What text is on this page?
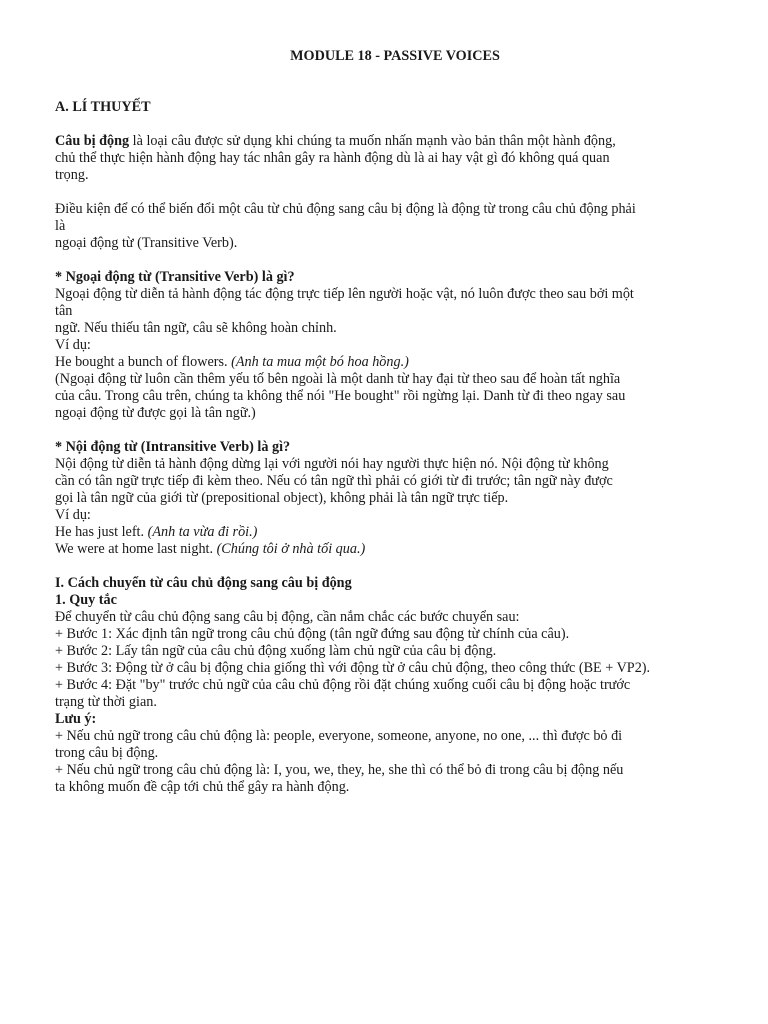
MODULE 18 - PASSIVE VOICES
A. LÍ THUYẾT
Câu bị động là loại câu được sử dụng khi chúng ta muốn nhấn mạnh vào bản thân một hành động,
chủ thể thực hiện hành động hay tác nhân gây ra hành động dù là ai hay vật gì đó không quá quan
trọng.
Điều kiện để có thể biến đổi một câu từ chủ động sang câu bị động là động từ trong câu chủ động phải
là
ngoại động từ (Transitive Verb).
* Ngoại động từ (Transitive Verb) là gì?
Ngoại động từ diễn tả hành động tác động trực tiếp lên người hoặc vật, nó luôn được theo sau bởi một
tân
ngữ. Nếu thiếu tân ngữ, câu sẽ không hoàn chỉnh.
Ví dụ:
He bought a bunch of flowers. (Anh ta mua một bó hoa hồng.)
(Ngoại động từ luôn cần thêm yếu tố bên ngoài là một danh từ hay đại từ theo sau để hoàn tất nghĩa
của câu. Trong câu trên, chúng ta không thể nói "He bought" rồi ngừng lại. Danh từ đi theo ngay sau
ngoại động từ được gọi là tân ngữ.)
* Nội động từ (Intransitive Verb) là gì?
Nội động từ diễn tả hành động dừng lại với người nói hay người thực hiện nó. Nội động từ không
cần có tân ngữ trực tiếp đi kèm theo. Nếu có tân ngữ thì phải có giới từ đi trước; tân ngữ này được
gọi là tân ngữ của giới từ (prepositional object), không phải là tân ngữ trực tiếp.
Ví dụ:
He has just left. (Anh ta vừa đi rồi.)
We were at home last night. (Chúng tôi ở nhà tối qua.)
I. Cách chuyển từ câu chủ động sang câu bị động
1. Quy tắc
Để chuyển từ câu chủ động sang câu bị động, cần nắm chắc các bước chuyển sau:
+ Bước 1: Xác định tân ngữ trong câu chủ động (tân ngữ đứng sau động từ chính của câu).
+ Bước 2: Lấy tân ngữ của câu chủ động xuống làm chủ ngữ của câu bị động.
+ Bước 3: Động từ ở câu bị động chia giống thì với động từ ở câu chủ động, theo công thức (BE + VP2).
+ Bước 4: Đặt "by" trước chủ ngữ của câu chủ động rồi đặt chúng xuống cuối câu bị động hoặc trước
trạng từ thời gian.
Lưu ý:
+ Nếu chủ ngữ trong câu chủ động là: people, everyone, someone, anyone, no one, ... thì được bỏ đi
trong câu bị động.
+ Nếu chủ ngữ trong câu chủ động là: I, you, we, they, he, she thì có thể bỏ đi trong câu bị động nếu
ta không muốn đề cập tới chủ thể gây ra hành động.
